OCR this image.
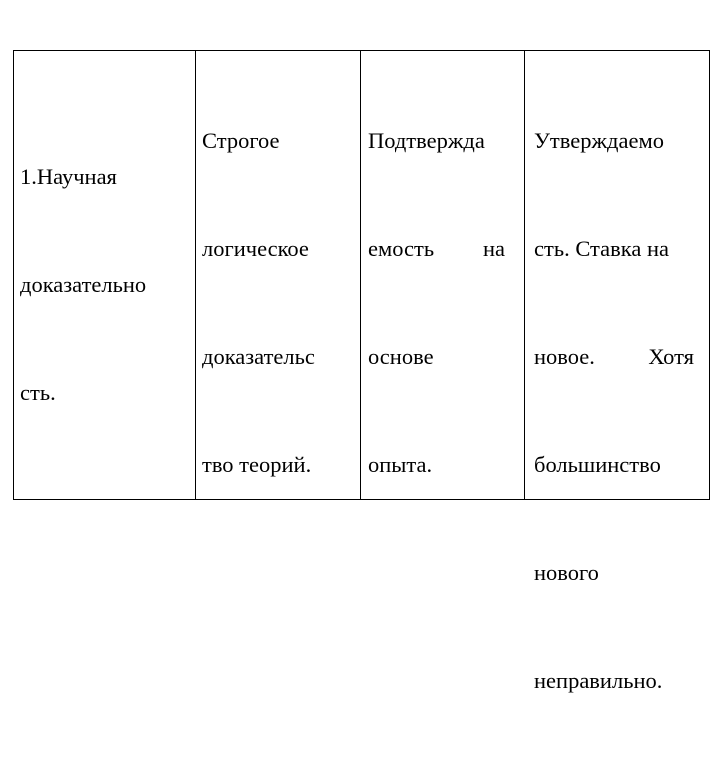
1.Научная

доказательно

сть.

Строгое

логическое

доказательс

тво теорий.

Подтвержда

емость на

основе

опыта.

Утверждаемо

сть. Ставка на

новое. Хотя

большинство

нового

неправильно.
